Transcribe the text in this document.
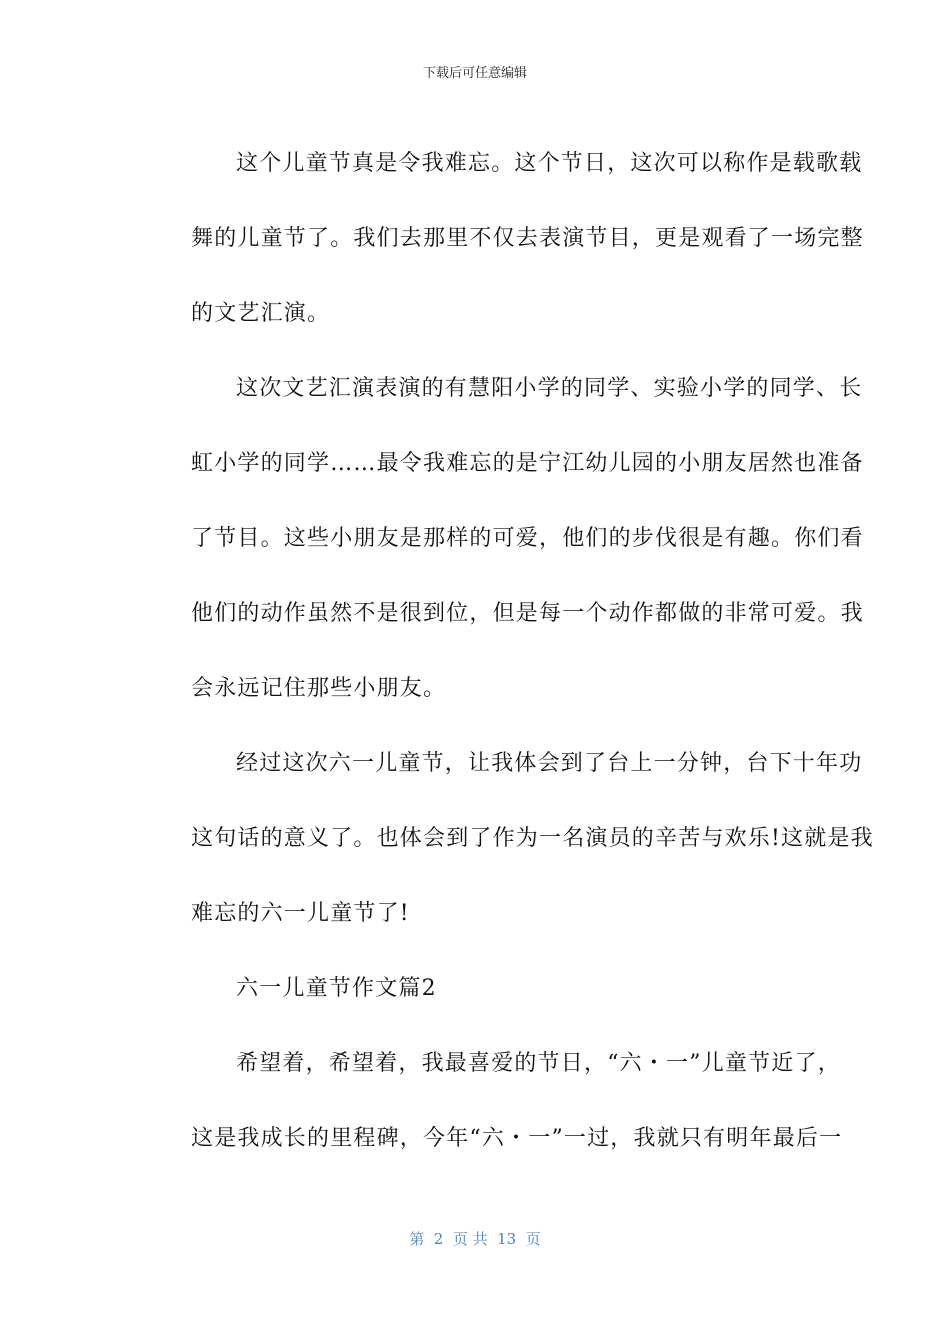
下载后可任意编辑
这个儿童节真是令我难忘。这个节日，这次可以称作是载歌载
舞的儿童节了。我们去那里不仅去表演节目，更是观看了一场完整
的文艺汇演。
这次文艺汇演表演的有慧阳小学的同学、实验小学的同学、长
虹小学的同学……最令我难忘的是宁江幼儿园的小朋友居然也准备
了节目。这些小朋友是那样的可爱，他们的步伐很是有趣。你们看
他们的动作虽然不是很到位，但是每一个动作都做的非常可爱。我
会永远记住那些小朋友。
经过这次六一儿童节，让我体会到了台上一分钟，台下十年功
这句话的意义了。也体会到了作为一名演员的辛苦与欢乐!这就是我
难忘的六一儿童节了!
六一儿童节作文篇2
希望着，希望着，我最喜爱的节日，“六・一”儿童节近了，
这是我成长的里程碑，今年“六・一”一过，我就只有明年最后一
第  2  页 共  13  页
